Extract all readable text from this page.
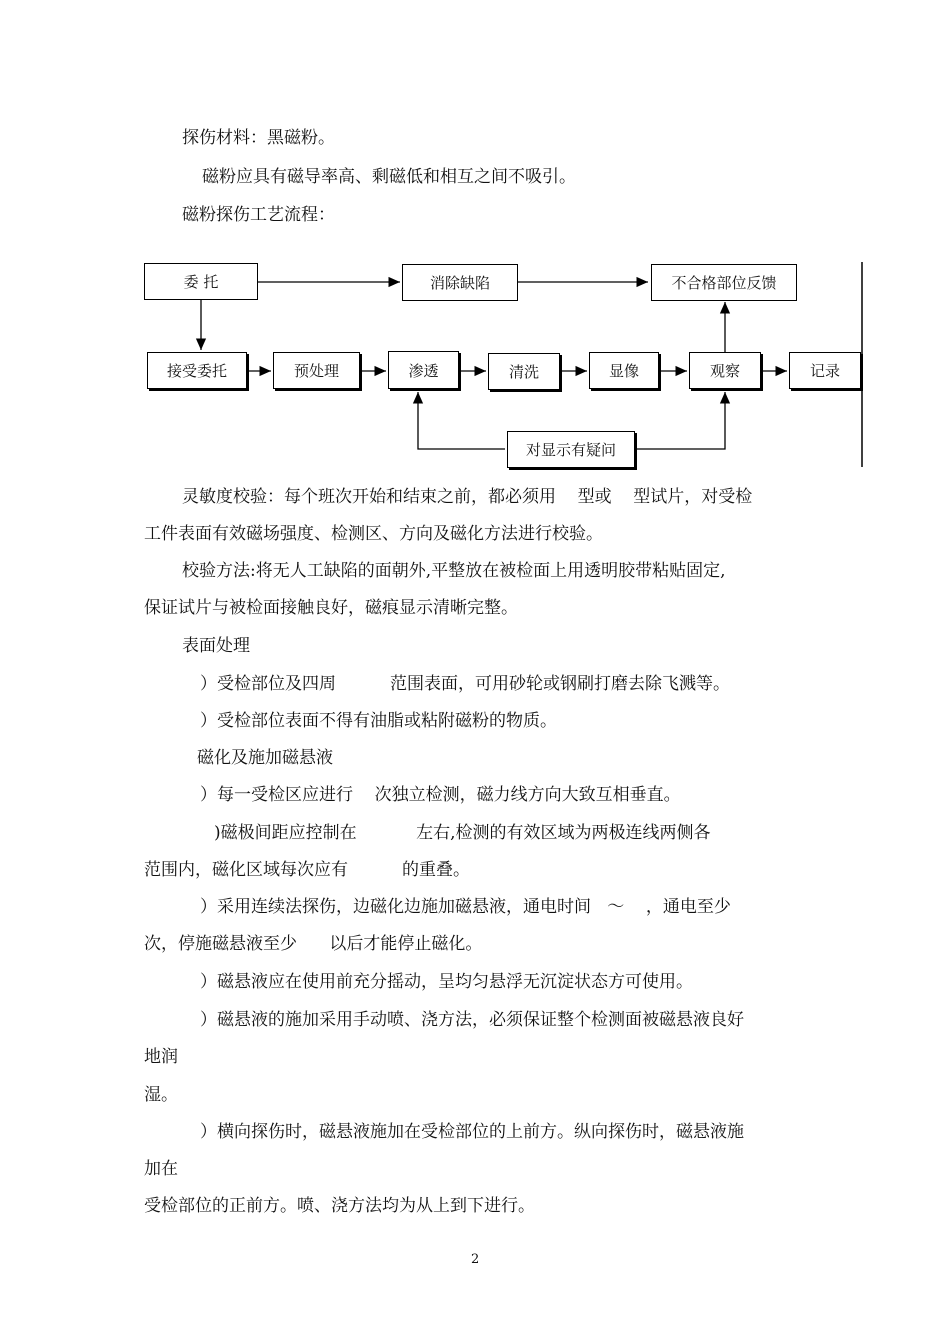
探伤材料：黑磁粉。
磁粉应具有磁导率高、剩磁低和相互之间不吸引。
磁粉探伤工艺流程：
委 托	消除缺陷	不合格部位反馈
接受委托	预处理	渗透	清洗	显像	观察	记录
对显示有疑问
灵敏度校验：每个班次开始和结束之前，都必须用    型或    型试片，对受检
工件表面有效磁场强度、检测区、方向及磁化方法进行校验。
校验方法:将无人工缺陷的面朝外,平整放在被检面上用透明胶带粘贴固定,
保证试片与被检面接触良好，磁痕显示清晰完整。
表面处理
）受检部位及四周          范围表面，可用砂轮或钢刷打磨去除飞溅等。
）受检部位表面不得有油脂或粘附磁粉的物质。
磁化及施加磁悬液
）每一受检区应进行    次独立检测，磁力线方向大致互相垂直。
)磁极间距应控制在           左右,检测的有效区域为两极连线两侧各
范围内，磁化区域每次应有          的重叠。
）采用连续法探伤，边磁化边施加磁悬液，通电时间   ～    ，通电至少
次，停施磁悬液至少      以后才能停止磁化。
）磁悬液应在使用前充分摇动，呈均匀悬浮无沉淀状态方可使用。
）磁悬液的施加采用手动喷、浇方法，必须保证整个检测面被磁悬液良好
地润
湿。
）横向探伤时，磁悬液施加在受检部位的上前方。纵向探伤时，磁悬液施
加在
受检部位的正前方。喷、浇方法均为从上到下进行。
2
